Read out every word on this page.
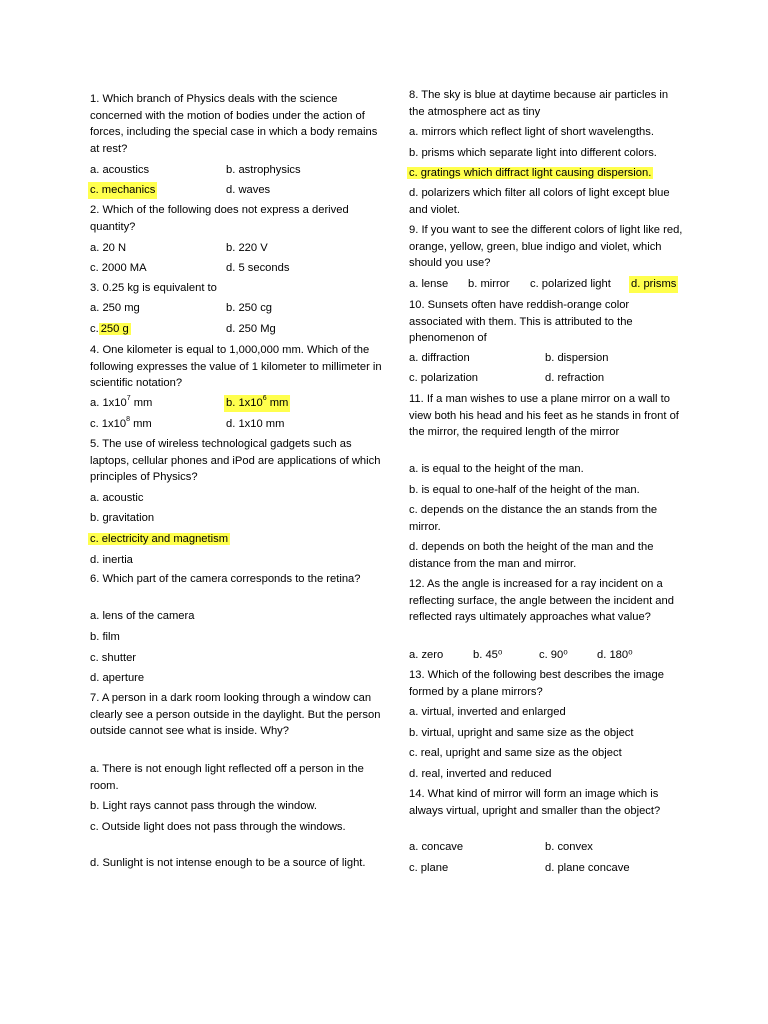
1. Which branch of Physics deals with the science concerned with the motion of bodies under the action of forces, including the special case in which a body remains at rest?
a. acoustics	b. astrophysics
c. mechanics	d. waves
2. Which of the following does not express a derived quantity?
a. 20 N	b. 220 V
c. 2000 MA	d. 5 seconds
3. 0.25 kg is equivalent to
a. 250 mg	b. 250 cg
c. 250 g	d. 250 Mg
4. One kilometer is equal to 1,000,000 mm. Which of the following expresses the value of 1 kilometer to millimeter in scientific notation?
a. $1x10^7$ mm	b. $1x10^6$ mm
c. $1x10^8$ mm	d. 1x10 mm
5. The use of wireless technological gadgets such as laptops, cellular phones and iPod are applications of which principles of Physics?
a. acoustic
b. gravitation
c. electricity and magnetism
d. inertia
6. Which part of the camera corresponds to the retina?
a. lens of the camera
b. film
c. shutter
d. aperture
7. A person in a dark room looking through a window can clearly see a person outside in the daylight. But the person outside cannot see what is inside. Why?
a. There is not enough light reflected off a person in the room.
b. Light rays cannot pass through the window.
c. Outside light does not pass through the windows.
d. Sunlight is not intense enough to be a source of light.
8. The sky is blue at daytime because air particles in the atmosphere act as tiny
a. mirrors which reflect light of short wavelengths.
b. prisms which separate light into different colors.
c. gratings which diffract light causing dispersion.
d. polarizers which filter all colors of light except blue and violet.
9. If you want to see the different colors of light like red, orange, yellow, green, blue indigo and violet, which should you use?
a. lense b. mirror c. polarized light d. prisms
10. Sunsets often have reddish-orange color associated with them. This is attributed to the phenomenon of
a. diffraction	b. dispersion
c. polarization	d. refraction
11. If a man wishes to use a plane mirror on a wall to view both his head and his feet as he stands in front of the mirror, the required length of the mirror
a. is equal to the height of the man.
b. is equal to one-half of the height of the man.
c. depends on the distance the an stands from the mirror.
d. depends on both the height of the man and the distance from the man and mirror.
12. As the angle is increased for a ray incident on a reflecting surface, the angle between the incident and reflected rays ultimately approaches what value?
a. zero	b. 45⁰	c. 90⁰	d. 180⁰
13. Which of the following best describes the image formed by a plane mirrors?
a. virtual, inverted and enlarged
b. virtual, upright and same size as the object
c. real, upright and same size as the object
d. real, inverted and reduced
14. What kind of mirror will form an image which is always virtual, upright and smaller than the object?
a. concave	b. convex
c. plane	d. plane concave
